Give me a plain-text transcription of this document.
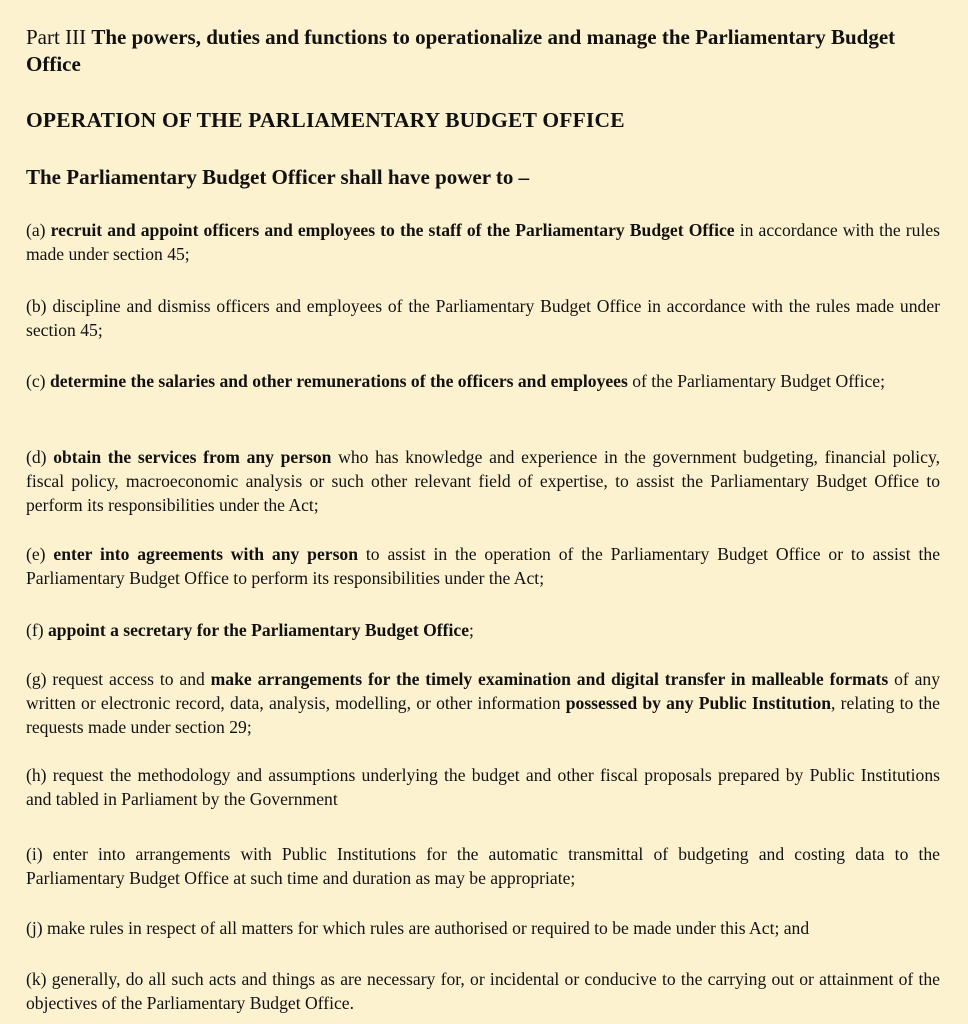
Part III The powers, duties and functions to operationalize and manage the Parliamentary Budget Office
OPERATION OF THE PARLIAMENTARY BUDGET OFFICE
The Parliamentary Budget Officer shall have power to –
(a) recruit and appoint officers and employees to the staff of the Parliamentary Budget Office in accordance with the rules made under section 45;
(b) discipline and dismiss officers and employees of the Parliamentary Budget Office in accordance with the rules made under section 45;
(c) determine the salaries and other remunerations of the officers and employees of the Parliamentary Budget Office;
(d) obtain the services from any person who has knowledge and experience in the government budgeting, financial policy, fiscal policy, macroeconomic analysis or such other relevant field of expertise, to assist the Parliamentary Budget Office to perform its responsibilities under the Act;
(e) enter into agreements with any person to assist in the operation of the Parliamentary Budget Office or to assist the Parliamentary Budget Office to perform its responsibilities under the Act;
(f) appoint a secretary for the Parliamentary Budget Office;
(g) request access to and make arrangements for the timely examination and digital transfer in malleable formats of any written or electronic record, data, analysis, modelling, or other information possessed by any Public Institution, relating to the requests made under section 29;
(h) request the methodology and assumptions underlying the budget and other fiscal proposals prepared by Public Institutions and tabled in Parliament by the Government
(i) enter into arrangements with Public Institutions for the automatic transmittal of budgeting and costing data to the Parliamentary Budget Office at such time and duration as may be appropriate;
(j) make rules in respect of all matters for which rules are authorised or required to be made under this Act; and
(k) generally, do all such acts and things as are necessary for, or incidental or conducive to the carrying out or attainment of the objectives of the Parliamentary Budget Office.
